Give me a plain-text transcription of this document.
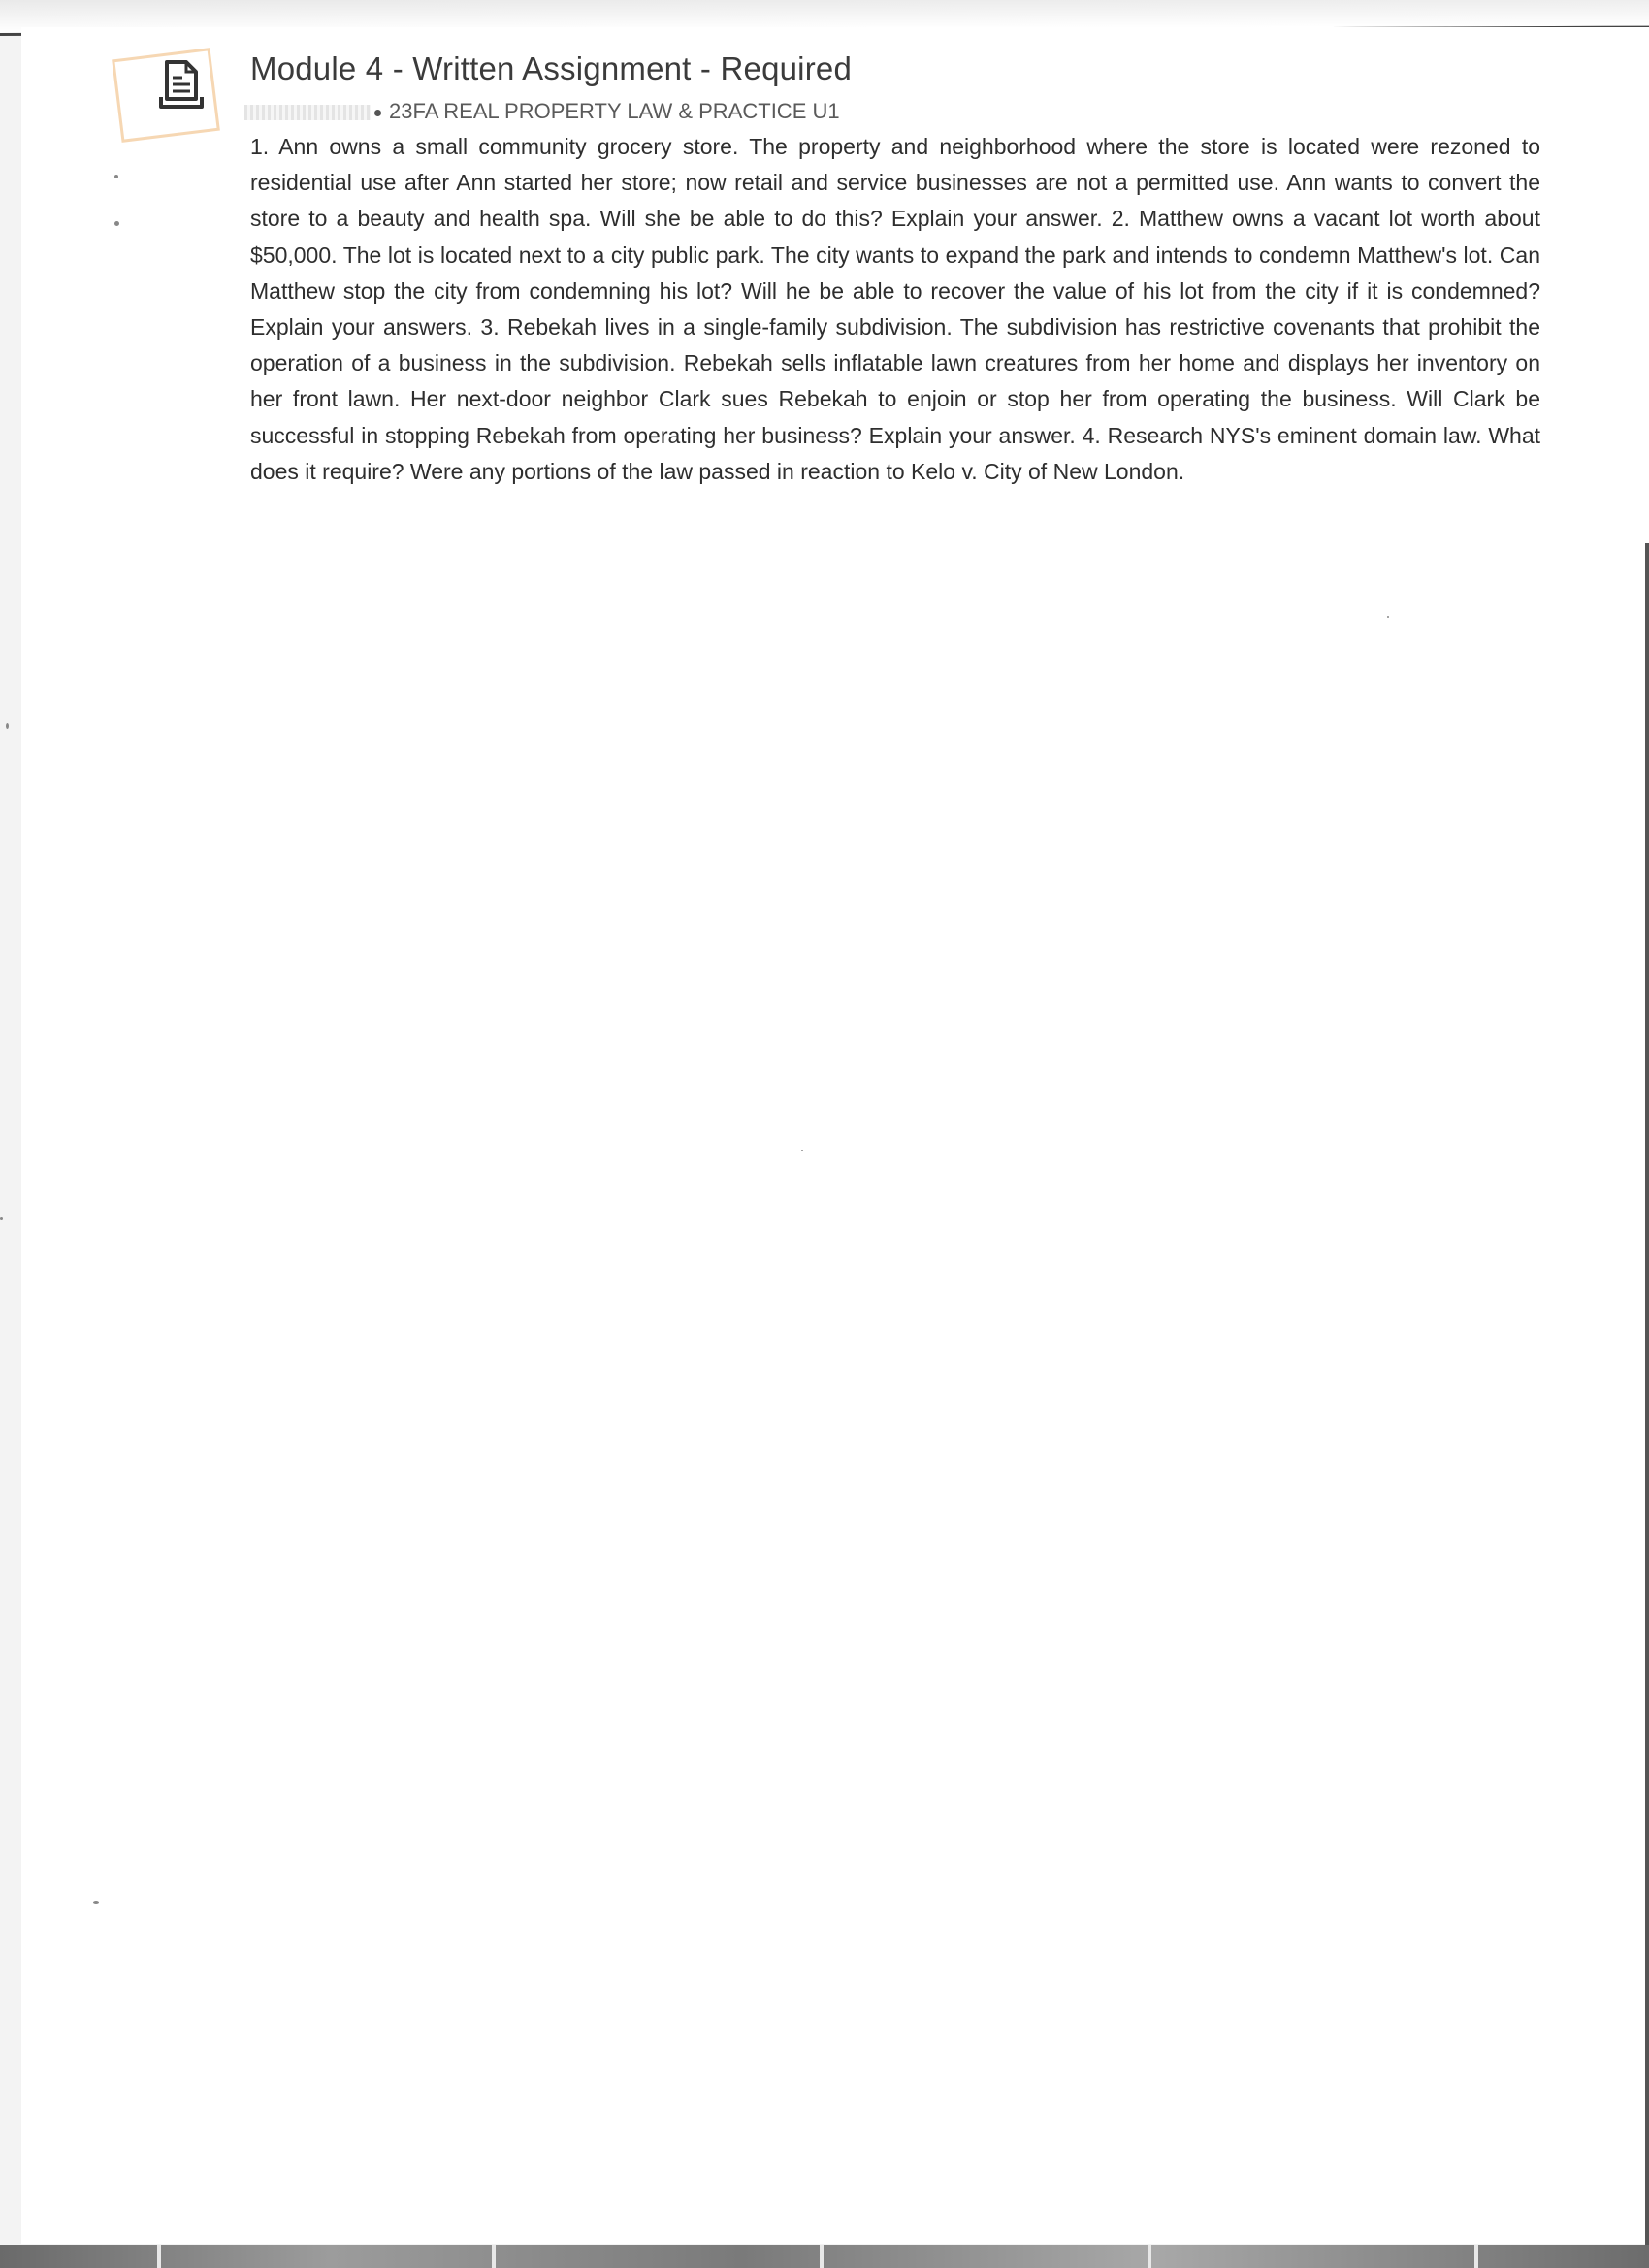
Module 4 - Written Assignment - Required
23FA REAL PROPERTY LAW & PRACTICE U1

1. Ann owns a small community grocery store. The property and neighborhood where the store is located were rezoned to residential use after Ann started her store; now retail and service businesses are not a permitted use. Ann wants to convert the store to a beauty and health spa. Will she be able to do this? Explain your answer. 2. Matthew owns a vacant lot worth about $50,000. The lot is located next to a city public park. The city wants to expand the park and intends to condemn Matthew's lot. Can Matthew stop the city from condemning his lot? Will he be able to recover the value of his lot from the city if it is condemned? Explain your answers. 3. Rebekah lives in a single-family subdivision. The subdivision has restrictive covenants that prohibit the operation of a business in the subdivision. Rebekah sells inflatable lawn creatures from her home and displays her inventory on her front lawn. Her next-door neighbor Clark sues Rebekah to enjoin or stop her from operating the business. Will Clark be successful in stopping Rebekah from operating her business? Explain your answer. 4. Research NYS's eminent domain law. What does it require? Were any portions of the law passed in reaction to Kelo v. City of New London.
